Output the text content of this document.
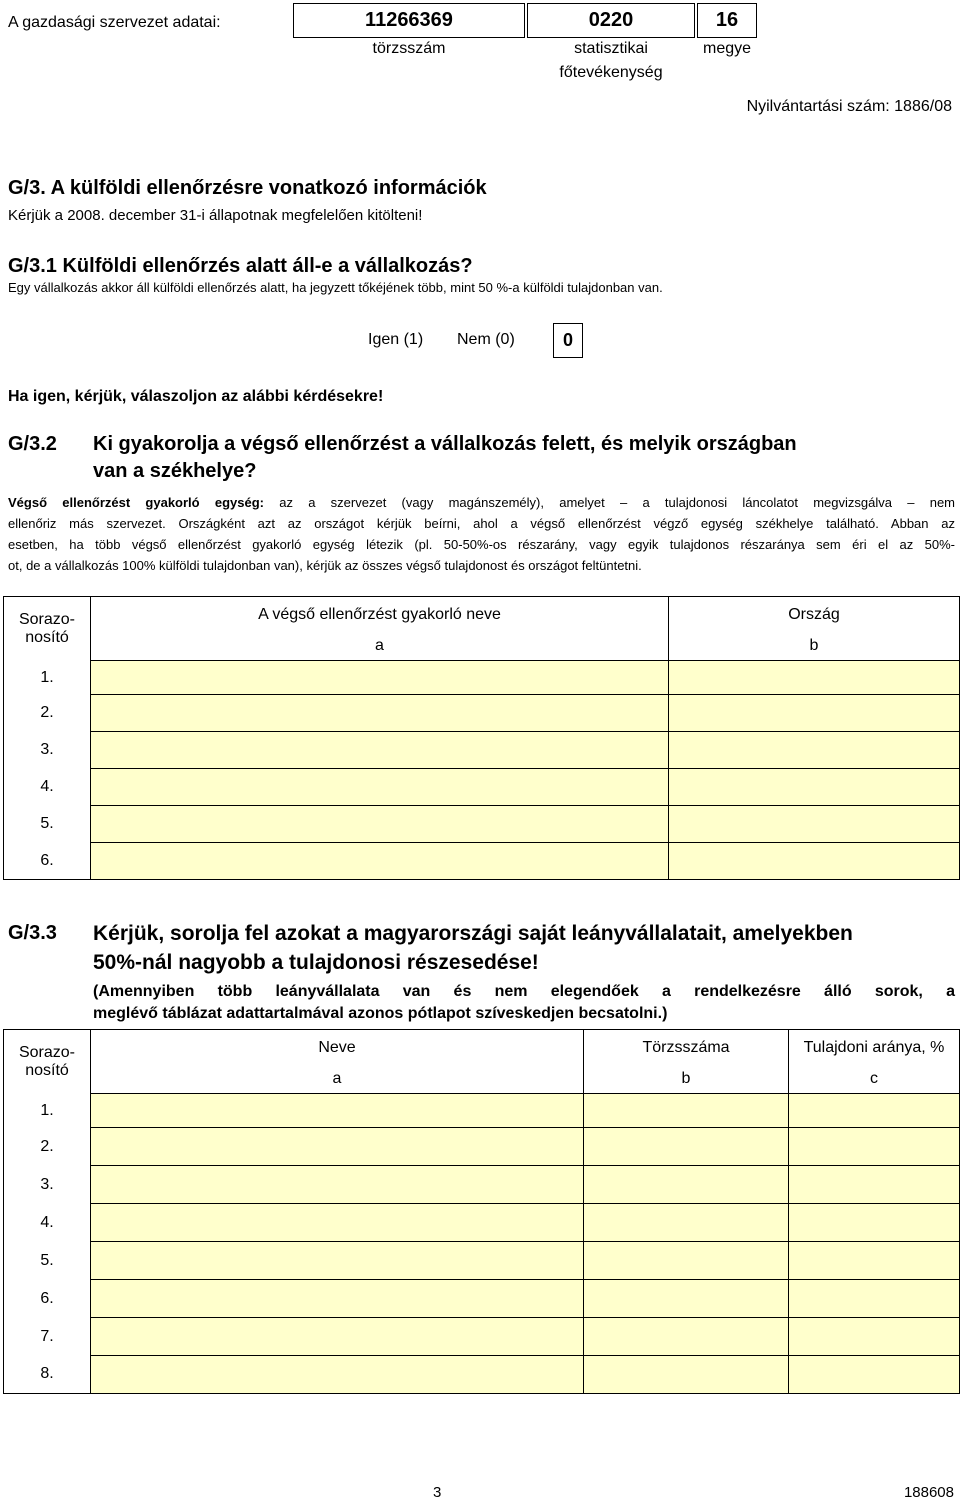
A gazdasági szervezet adatai:	11266369
törzsszám
0220
statisztikai
főtevékenység
16
megye
Nyilvántartási szám: 1886/08
G/3. A külföldi ellenőrzésre vonatkozó információk
Kérjük a 2008. december 31-i állapotnak megfelelően kitölteni!
G/3.1 Külföldi ellenőrzés alatt áll-e a vállalkozás?
Egy vállalkozás akkor áll külföldi ellenőrzés alatt, ha jegyzett tőkéjének több, mint 50 %-a külföldi tulajdonban van.
Igen (1) Nem (0)	0
Ha igen, kérjük, válaszoljon az alábbi kérdésekre!
G/3.2 Ki gyakorolja a végső ellenőrzést a vállalkozás felett, és melyik országban
van a székhelye?
Végső ellenőrzést gyakorló egység: az a szervezet (vagy magánszemély), amelyet – a tulajdonosi láncolatot megvizsgálva – nem
ellenőriz más szervezet. Országként azt az országot kérjük beírni, ahol a végső ellenőrzést végző egység székhelye található. Abban az
esetben, ha több végső ellenőrzést gyakorló egység létezik (pl. 50-50%-os részarány, vagy egyik tulajdonos részaránya sem éri el az 50%-
ot, de a vállalkozás 100% külföldi tulajdonban van), kérjük az összes végső tulajdonost és országot feltüntetni.
Sorazo-
nosító	A végső ellenőrzést gyakorló neve	Ország
	a	b
1.		
2.		
3.		
4.		
5.		
6.		
G/3.3 Kérjük, sorolja fel azokat a magyarországi saját leányvállalatait, amelyekben
50%-nál nagyobb a tulajdonosi részesedése!
(Amennyiben több leányvállalata van és nem elegendőek a rendelkezésre álló sorok, a
meglévő táblázat adattartalmával azonos pótlapot szíveskedjen becsatolni.)
Sorazo-
nosító	Neve	Törzsszáma	Tulajdoni aránya, %
	a	b	c
1.			
2.			
3.			
4.			
5.			
6.			
7.			
8.			
3	188608
